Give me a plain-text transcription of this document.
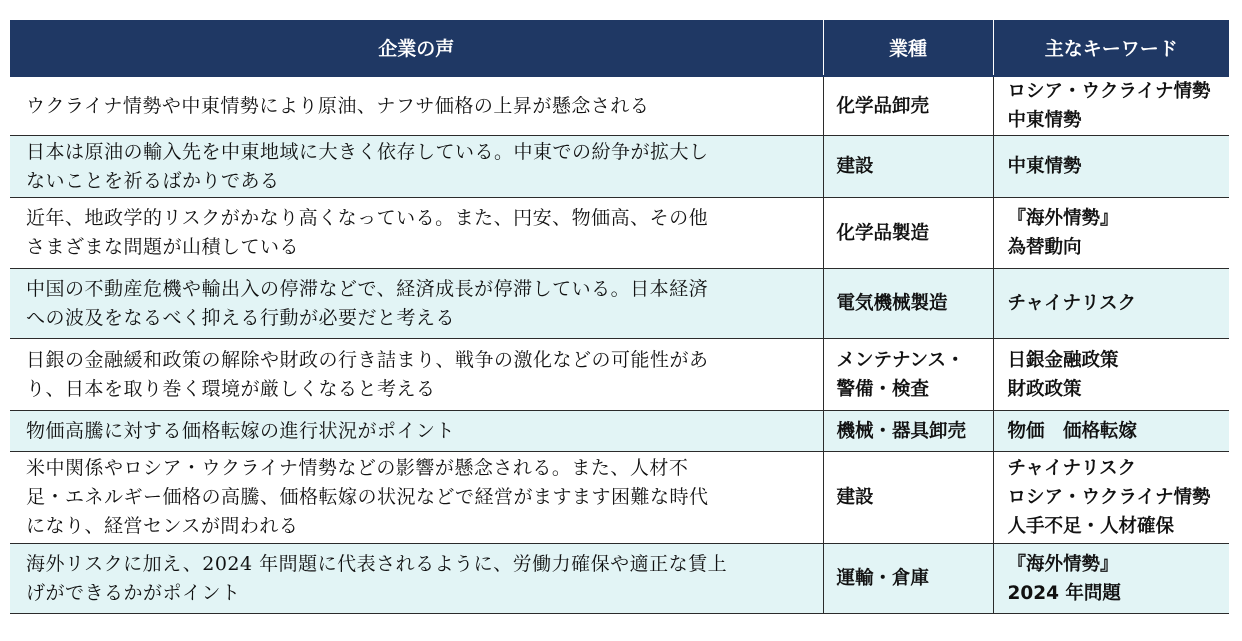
企業の声	業種	主なキーワード

ウクライナ情勢や中東情勢により原油、ナフサ価格の上昇が懸念される	化学品卸売	ロシア・ウクライナ情勢
中東情勢

日本は原油の輸入先を中東地域に大きく依存している。中東での紛争が拡大し
ないことを祈るばかりである	建設	中東情勢

近年、地政学的リスクがかなり高くなっている。また、円安、物価高、その他
さまざまな問題が山積している	化学品製造	『海外情勢』
為替動向

中国の不動産危機や輸出入の停滞などで、経済成長が停滞している。日本経済
への波及をなるべく抑える行動が必要だと考える	電気機械製造	チャイナリスク

日銀の金融緩和政策の解除や財政の行き詰まり、戦争の激化などの可能性があ
り、日本を取り巻く環境が厳しくなると考える	メンテナンス・
警備・検査	日銀金融政策
財政政策

物価高騰に対する価格転嫁の進行状況がポイント	機械・器具卸売	物価　価格転嫁

米中関係やロシア・ウクライナ情勢などの影響が懸念される。また、人材不
足・エネルギー価格の高騰、価格転嫁の状況などで経営がますます困難な時代
になり、経営センスが問われる	建設	チャイナリスク
ロシア・ウクライナ情勢
人手不足・人材確保

海外リスクに加え、2024 年問題に代表されるように、労働力確保や適正な賃上
げができるかがポイント	運輸・倉庫	『海外情勢』
2024 年問題
